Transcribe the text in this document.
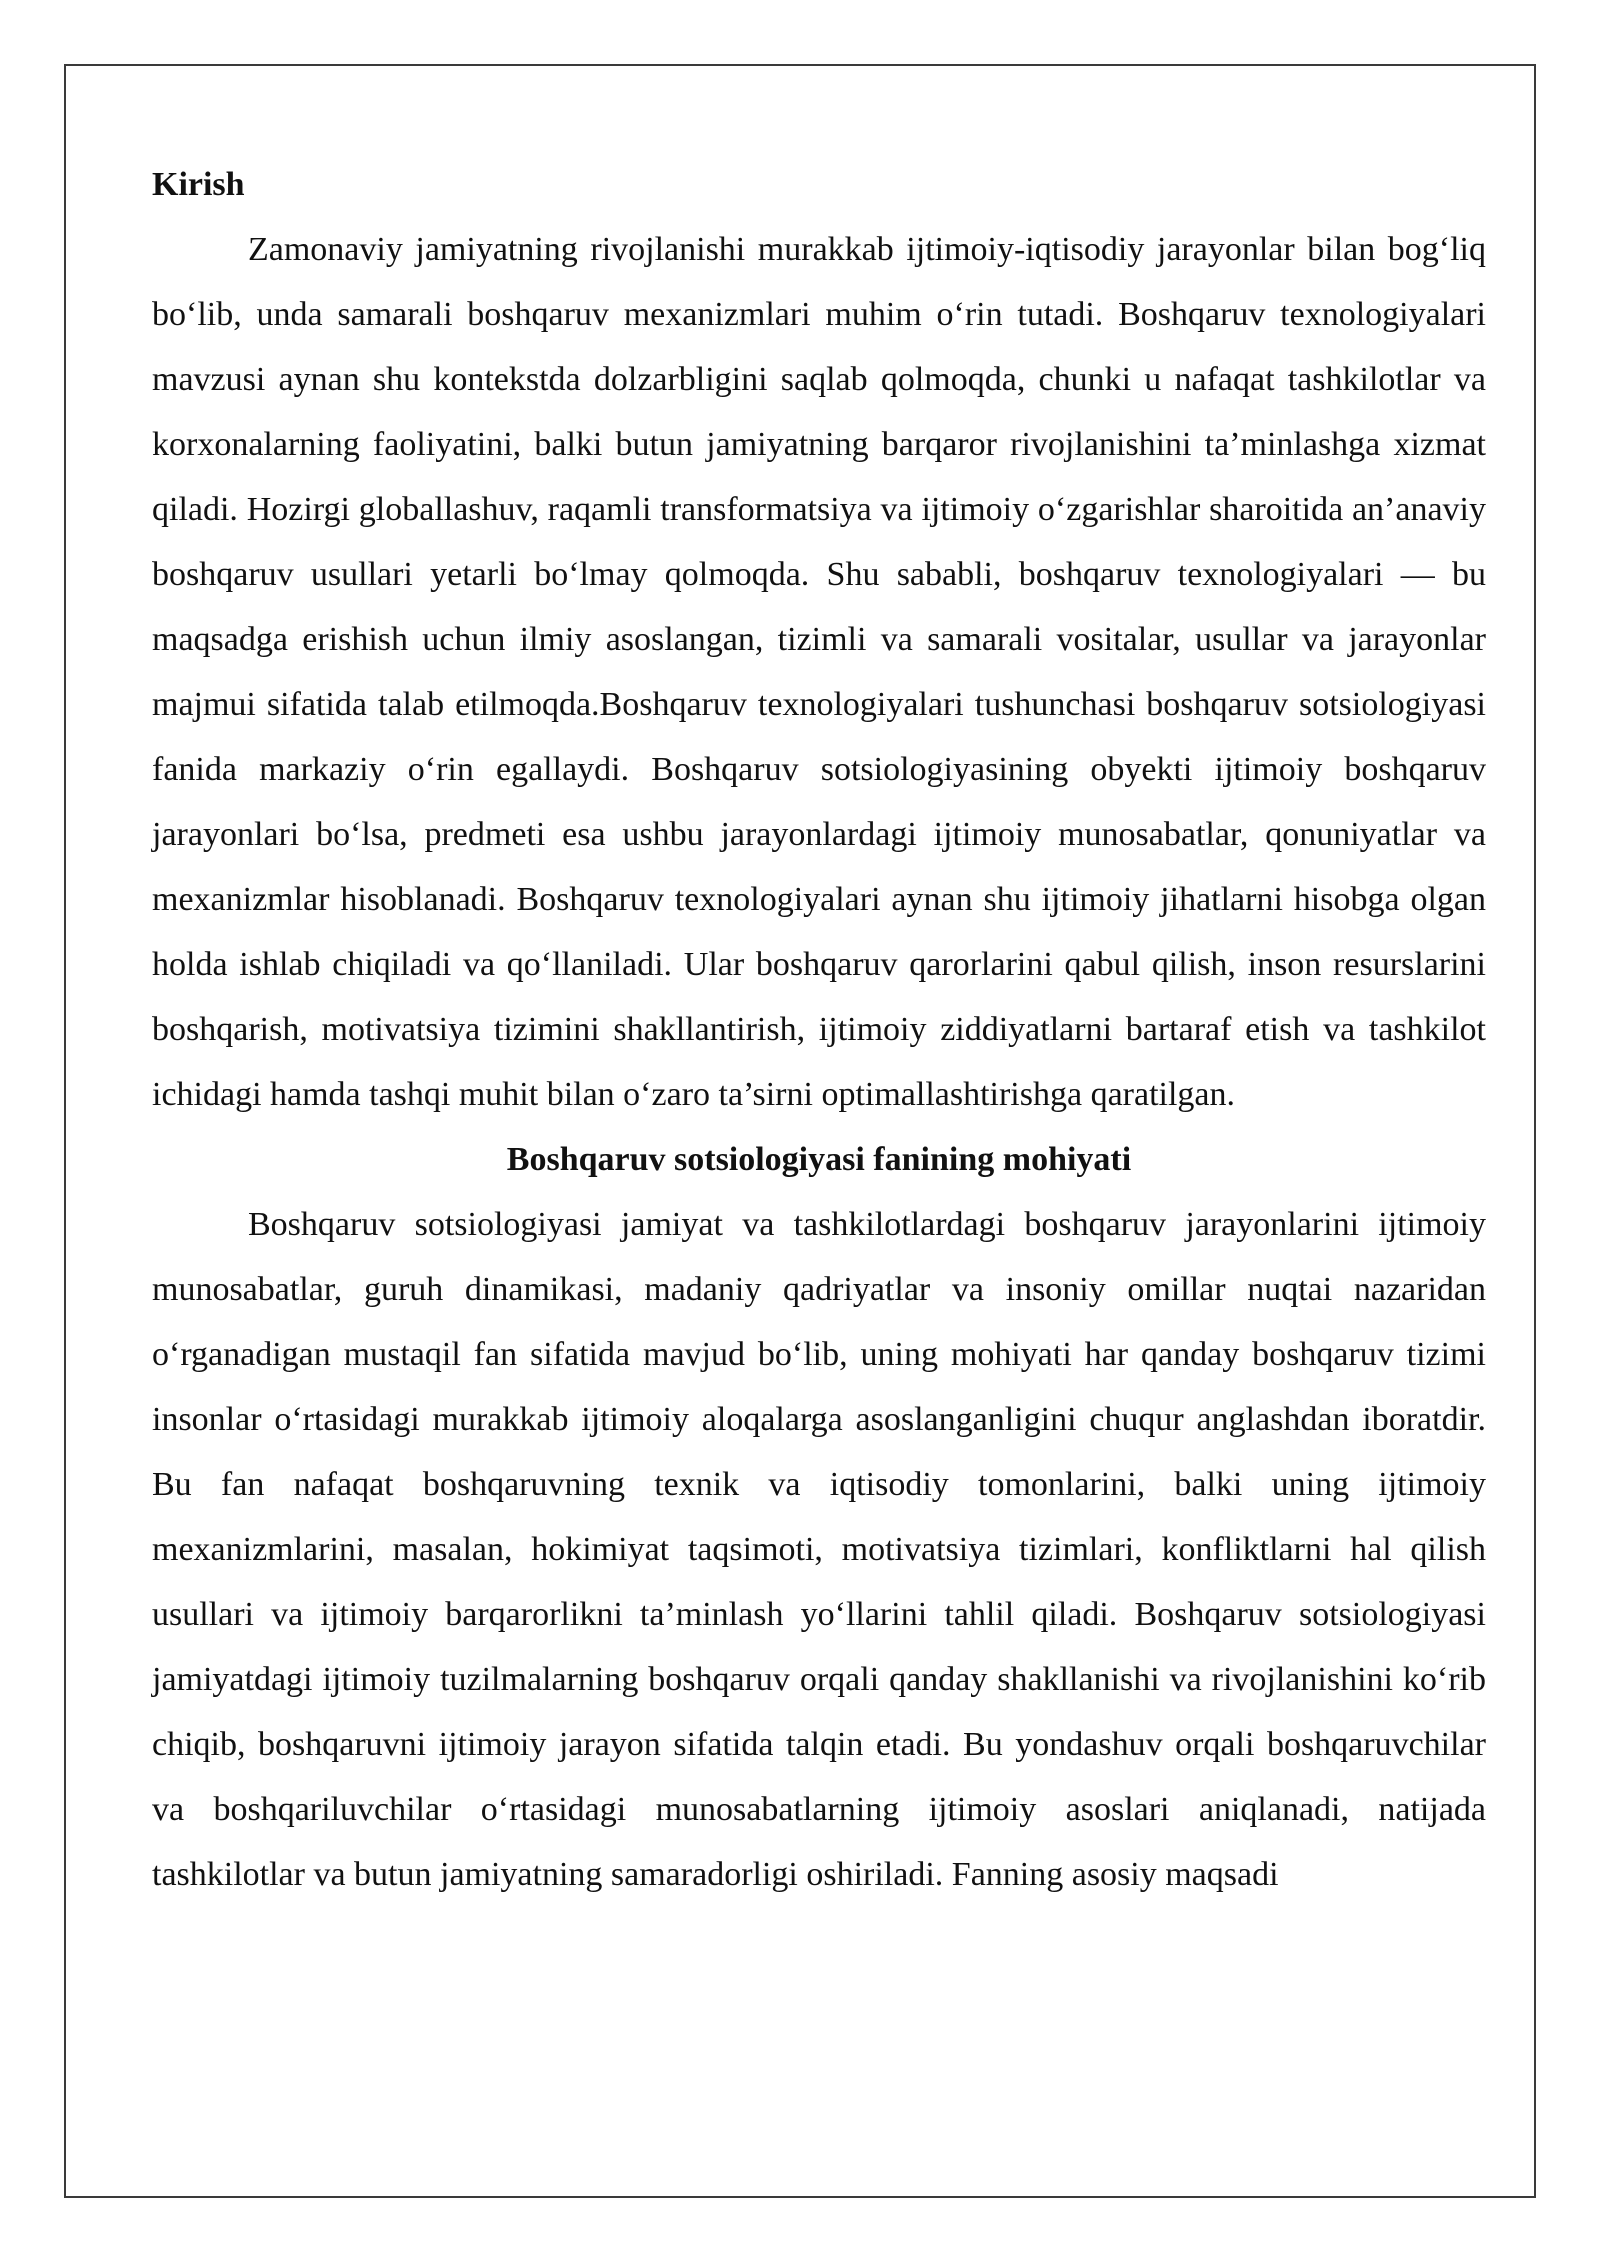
Kirish

Zamonaviy jamiyatning rivojlanishi murakkab ijtimoiy-iqtisodiy jarayonlar bilan bog‘liq bo‘lib, unda samarali boshqaruv mexanizmlari muhim o‘rin tutadi. Boshqaruv texnologiyalari mavzusi aynan shu kontekstda dolzarbligini saqlab qolmoqda, chunki u nafaqat tashkilotlar va korxonalarning faoliyatini, balki butun jamiyatning barqaror rivojlanishini ta’minlashga xizmat qiladi. Hozirgi globallashuv, raqamli transformatsiya va ijtimoiy o‘zgarishlar sharoitida an’anaviy boshqaruv usullari yetarli bo‘lmay qolmoqda. Shu sababli, boshqaruv texnologiyalari — bu maqsadga erishish uchun ilmiy asoslangan, tizimli va samarali vositalar, usullar va jarayonlar majmui sifatida talab etilmoqda.Boshqaruv texnologiyalari tushunchasi boshqaruv sotsiologiyasi fanida markaziy o‘rin egallaydi. Boshqaruv sotsiologiyasining obyekti ijtimoiy boshqaruv jarayonlari bo‘lsa, predmeti esa ushbu jarayonlardagi ijtimoiy munosabatlar, qonuniyatlar va mexanizmlar hisoblanadi. Boshqaruv texnologiyalari aynan shu ijtimoiy jihatlarni hisobga olgan holda ishlab chiqiladi va qo‘llaniladi. Ular boshqaruv qarorlarini qabul qilish, inson resurslarini boshqarish, motivatsiya tizimini shakllantirish, ijtimoiy ziddiyatlarni bartaraf etish va tashkilot ichidagi hamda tashqi muhit bilan o‘zaro ta’sirni optimallashtirishga qaratilgan.

Boshqaruv sotsiologiyasi fanining mohiyati

Boshqaruv sotsiologiyasi jamiyat va tashkilotlardagi boshqaruv jarayonlarini ijtimoiy munosabatlar, guruh dinamikasi, madaniy qadriyatlar va insoniy omillar nuqtai nazaridan o‘rganadigan mustaqil fan sifatida mavjud bo‘lib, uning mohiyati har qanday boshqaruv tizimi insonlar o‘rtasidagi murakkab ijtimoiy aloqalarga asoslanganligini chuqur anglashdan iboratdir. Bu fan nafaqat boshqaruvning texnik va iqtisodiy tomonlarini, balki uning ijtimoiy mexanizmlarini, masalan, hokimiyat taqsimoti, motivatsiya tizimlari, konfliktlarni hal qilish usullari va ijtimoiy barqarorlikni ta’minlash yo‘llarini tahlil qiladi. Boshqaruv sotsiologiyasi jamiyatdagi ijtimoiy tuzilmalarning boshqaruv orqali qanday shakllanishi va rivojlanishini ko‘rib chiqib, boshqaruvni ijtimoiy jarayon sifatida talqin etadi. Bu yondashuv orqali boshqaruvchilar va boshqariluvchilar o‘rtasidagi munosabatlarning ijtimoiy asoslari aniqlanadi, natijada tashkilotlar va butun jamiyatning samaradorligi oshiriladi. Fanning asosiy maqsadi
